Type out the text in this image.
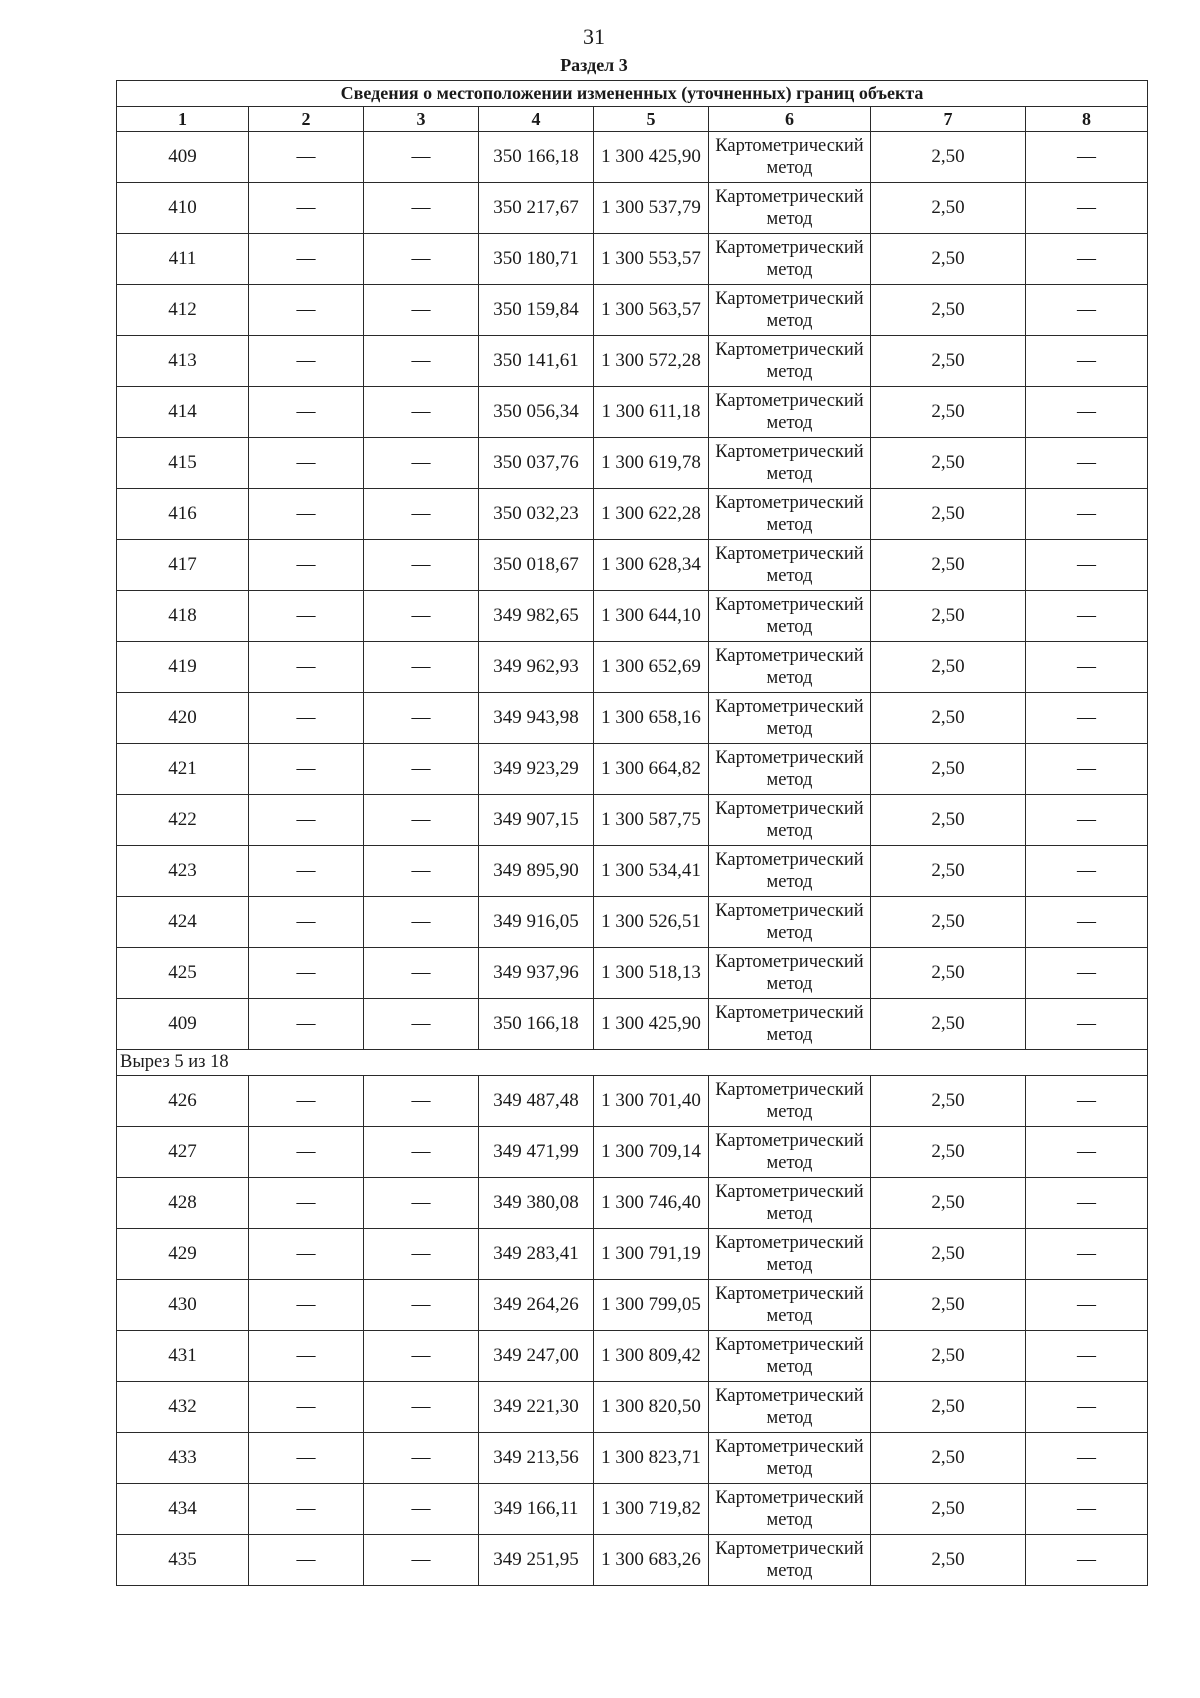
31
Раздел 3
Сведения о местоположении измененных (уточненных) границ объекта							
1	2	3	4	5	6	7	8
409	—	—	350 166,18	1 300 425,90	Картометрический метод	2,50	—
410	—	—	350 217,67	1 300 537,79	Картометрический метод	2,50	—
411	—	—	350 180,71	1 300 553,57	Картометрический метод	2,50	—
412	—	—	350 159,84	1 300 563,57	Картометрический метод	2,50	—
413	—	—	350 141,61	1 300 572,28	Картометрический метод	2,50	—
414	—	—	350 056,34	1 300 611,18	Картометрический метод	2,50	—
415	—	—	350 037,76	1 300 619,78	Картометрический метод	2,50	—
416	—	—	350 032,23	1 300 622,28	Картометрический метод	2,50	—
417	—	—	350 018,67	1 300 628,34	Картометрический метод	2,50	—
418	—	—	349 982,65	1 300 644,10	Картометрический метод	2,50	—
419	—	—	349 962,93	1 300 652,69	Картометрический метод	2,50	—
420	—	—	349 943,98	1 300 658,16	Картометрический метод	2,50	—
421	—	—	349 923,29	1 300 664,82	Картометрический метод	2,50	—
422	—	—	349 907,15	1 300 587,75	Картометрический метод	2,50	—
423	—	—	349 895,90	1 300 534,41	Картометрический метод	2,50	—
424	—	—	349 916,05	1 300 526,51	Картометрический метод	2,50	—
425	—	—	349 937,96	1 300 518,13	Картометрический метод	2,50	—
409	—	—	350 166,18	1 300 425,90	Картометрический метод	2,50	—
Вырез 5 из 18							
426	—	—	349 487,48	1 300 701,40	Картометрический метод	2,50	—
427	—	—	349 471,99	1 300 709,14	Картометрический метод	2,50	—
428	—	—	349 380,08	1 300 746,40	Картометрический метод	2,50	—
429	—	—	349 283,41	1 300 791,19	Картометрический метод	2,50	—
430	—	—	349 264,26	1 300 799,05	Картометрический метод	2,50	—
431	—	—	349 247,00	1 300 809,42	Картометрический метод	2,50	—
432	—	—	349 221,30	1 300 820,50	Картометрический метод	2,50	—
433	—	—	349 213,56	1 300 823,71	Картометрический метод	2,50	—
434	—	—	349 166,11	1 300 719,82	Картометрический метод	2,50	—
435	—	—	349 251,95	1 300 683,26	Картометрический метод	2,50	—
